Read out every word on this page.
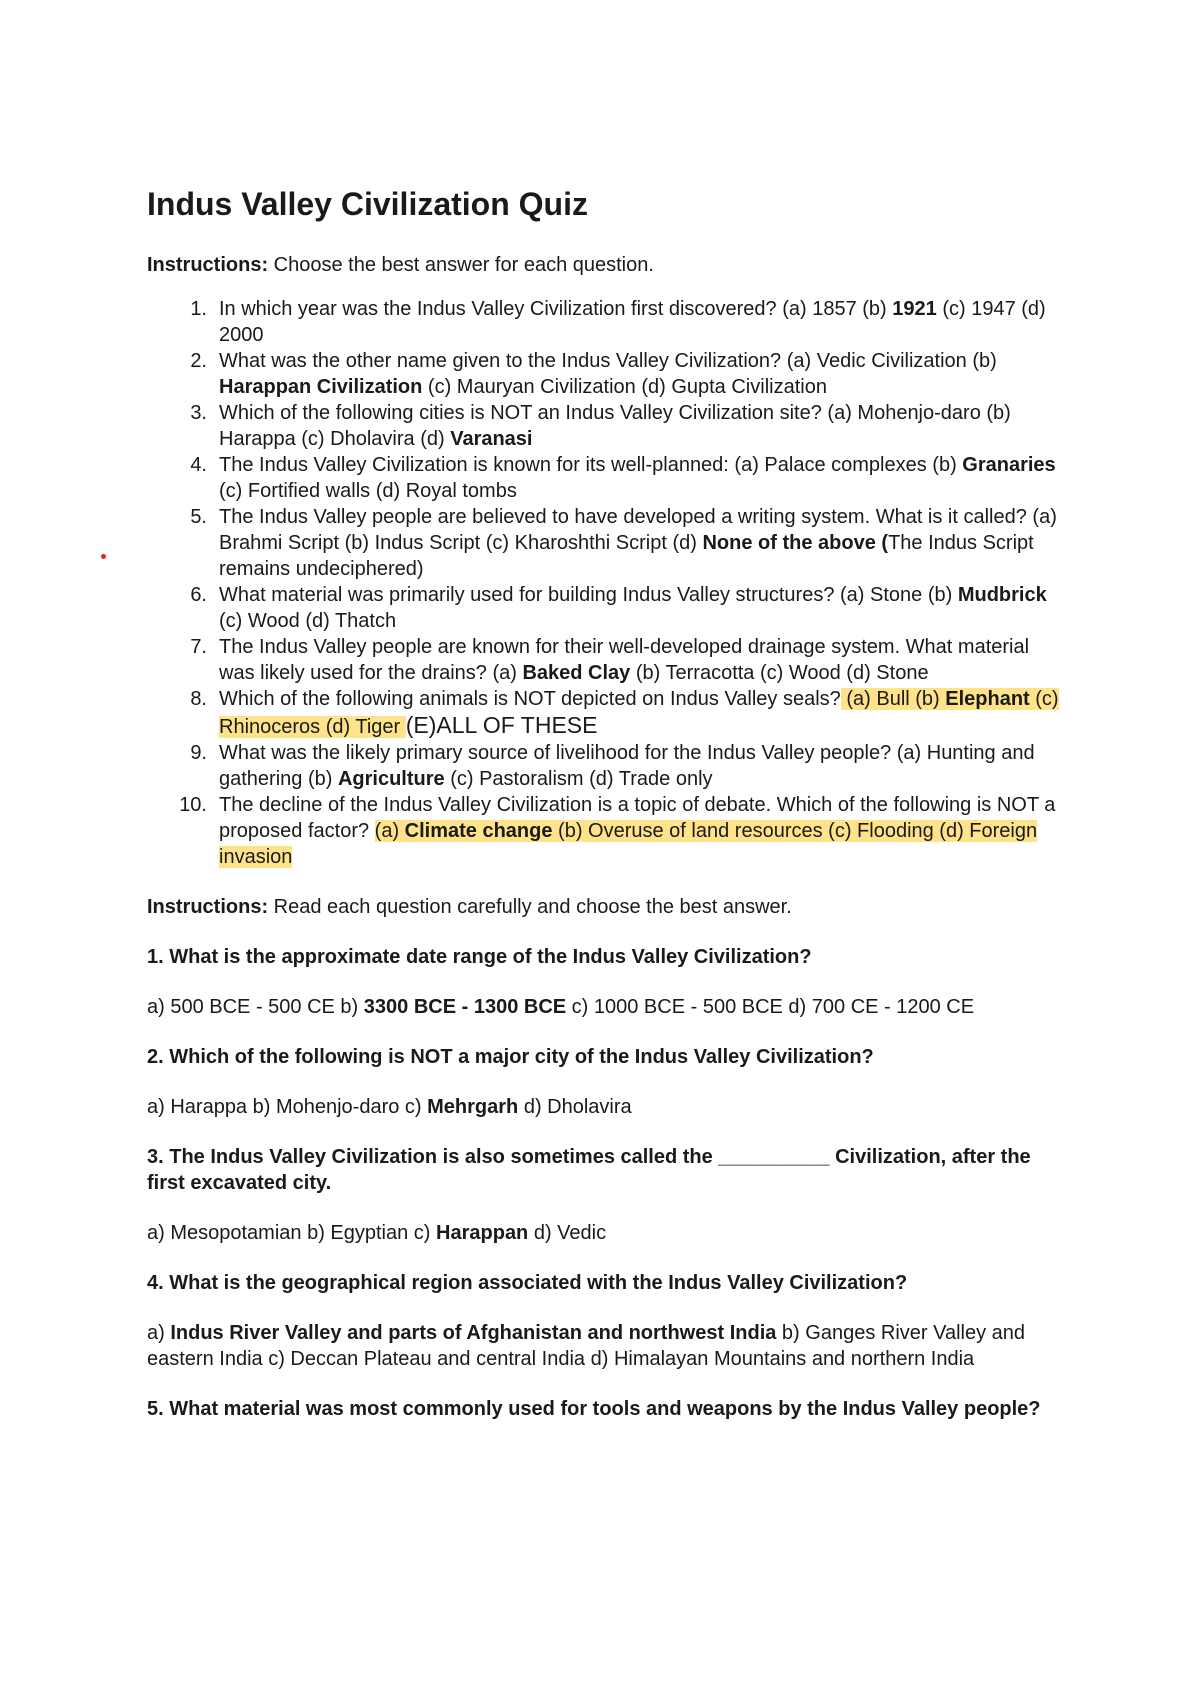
Indus Valley Civilization Quiz

Instructions: Choose the best answer for each question.

1. In which year was the Indus Valley Civilization first discovered? (a) 1857 (b) 1921 (c) 1947 (d) 2000
2. What was the other name given to the Indus Valley Civilization? (a) Vedic Civilization (b) Harappan Civilization (c) Mauryan Civilization (d) Gupta Civilization
3. Which of the following cities is NOT an Indus Valley Civilization site? (a) Mohenjo-daro (b) Harappa (c) Dholavira (d) Varanasi
4. The Indus Valley Civilization is known for its well-planned: (a) Palace complexes (b) Granaries (c) Fortified walls (d) Royal tombs
5. The Indus Valley people are believed to have developed a writing system. What is it called? (a) Brahmi Script (b) Indus Script (c) Kharoshthi Script (d) None of the above (The Indus Script remains undeciphered)
6. What material was primarily used for building Indus Valley structures? (a) Stone (b) Mudbrick (c) Wood (d) Thatch
7. The Indus Valley people are known for their well-developed drainage system. What material was likely used for the drains? (a) Baked Clay (b) Terracotta (c) Wood (d) Stone
8. Which of the following animals is NOT depicted on Indus Valley seals? (a) Bull (b) Elephant (c) Rhinoceros (d) Tiger (E)ALL OF THESE
9. What was the likely primary source of livelihood for the Indus Valley people? (a) Hunting and gathering (b) Agriculture (c) Pastoralism (d) Trade only
10. The decline of the Indus Valley Civilization is a topic of debate. Which of the following is NOT a proposed factor? (a) Climate change (b) Overuse of land resources (c) Flooding (d) Foreign invasion

Instructions: Read each question carefully and choose the best answer.

1. What is the approximate date range of the Indus Valley Civilization?

a) 500 BCE - 500 CE b) 3300 BCE - 1300 BCE c) 1000 BCE - 500 BCE d) 700 CE - 1200 CE

2. Which of the following is NOT a major city of the Indus Valley Civilization?

a) Harappa b) Mohenjo-daro c) Mehrgarh d) Dholavira

3. The Indus Valley Civilization is also sometimes called the __________ Civilization, after the first excavated city.

a) Mesopotamian b) Egyptian c) Harappan d) Vedic

4. What is the geographical region associated with the Indus Valley Civilization?

a) Indus River Valley and parts of Afghanistan and northwest India b) Ganges River Valley and eastern India c) Deccan Plateau and central India d) Himalayan Mountains and northern India

5. What material was most commonly used for tools and weapons by the Indus Valley people?
